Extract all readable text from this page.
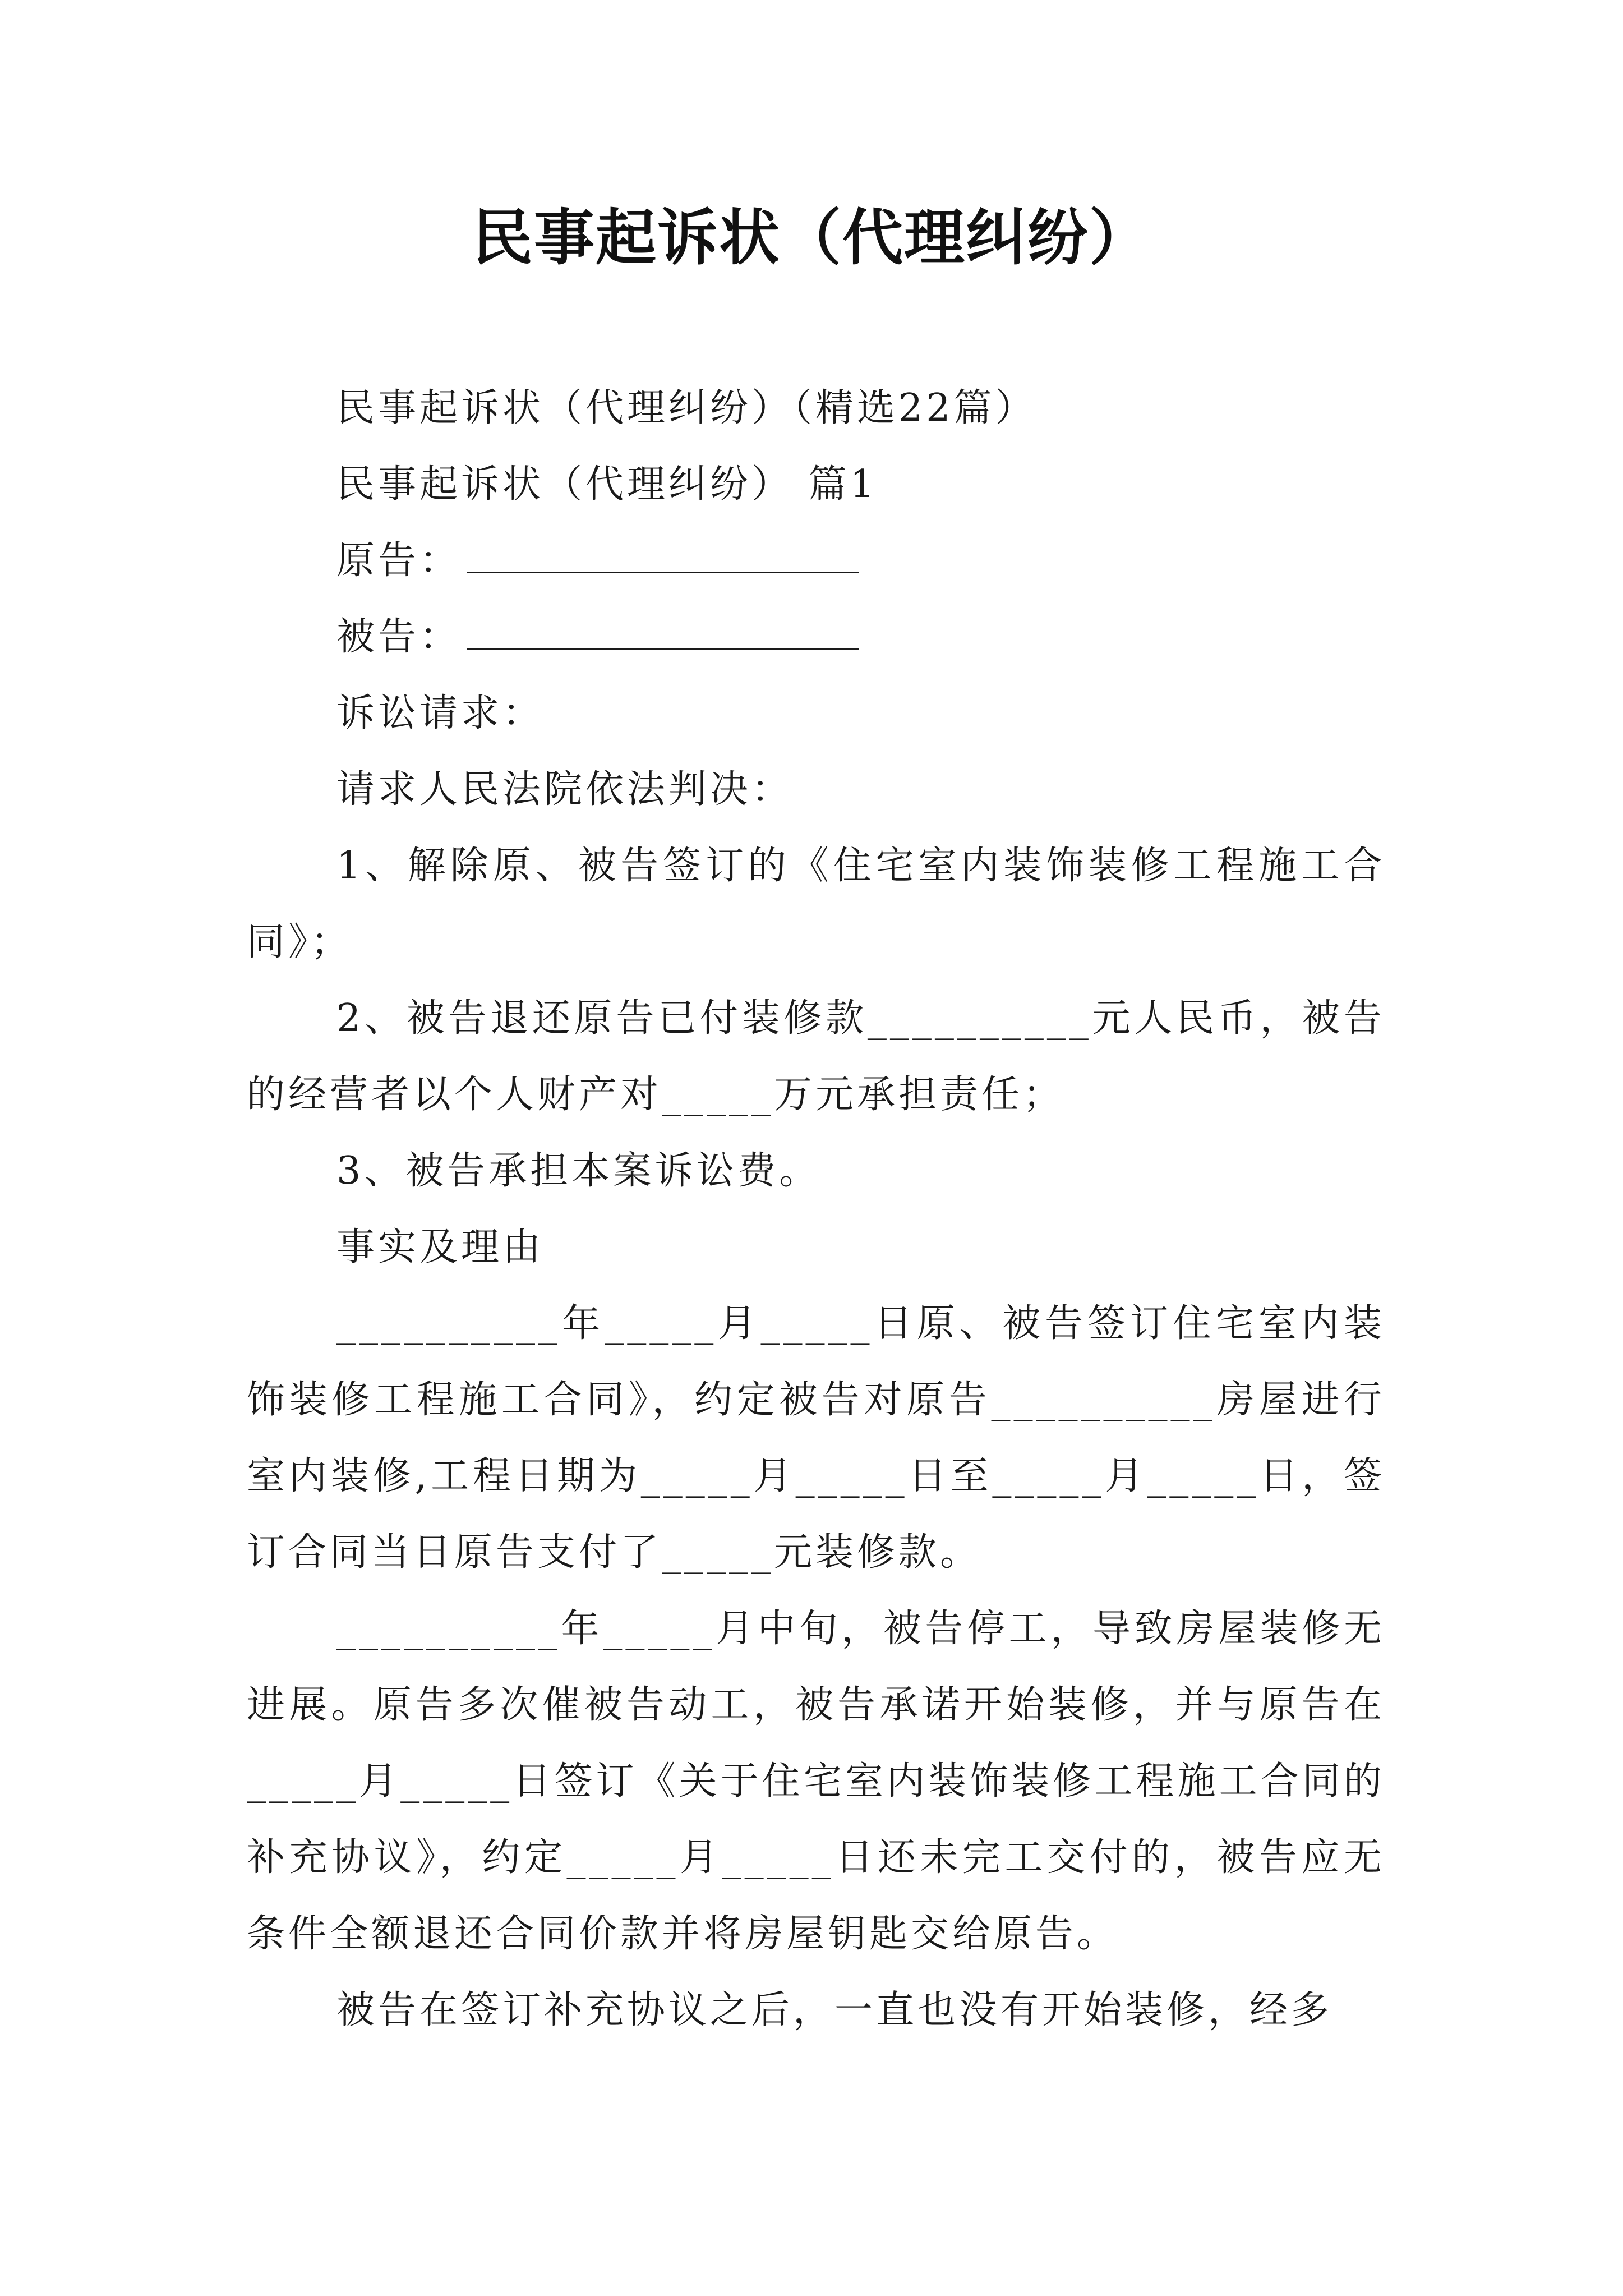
民事起诉状（代理纠纷）

民事起诉状（代理纠纷）（精选22篇）

民事起诉状（代理纠纷） 篇1

原告：

被告：

诉讼请求：

请求人民法院依法判决：

1、解除原、被告签订的《住宅室内装饰装修工程施工合同》；

2、被告退还原告已付装修款__________元人民币，被告的经营者以个人财产对_____万元承担责任；

3、被告承担本案诉讼费。

事实及理由

__________年_____月_____日原、被告签订住宅室内装饰装修工程施工合同》，约定被告对原告__________房屋进行室内装修,工程日期为_____月_____日至_____月_____日，签订合同当日原告支付了_____元装修款。

__________年_____月中旬，被告停工，导致房屋装修无进展。原告多次催被告动工，被告承诺开始装修，并与原告在_____月_____日签订《关于住宅室内装饰装修工程施工合同的补充协议》，约定_____月_____日还未完工交付的，被告应无条件全额退还合同价款并将房屋钥匙交给原告。

被告在签订补充协议之后，一直也没有开始装修，经多
